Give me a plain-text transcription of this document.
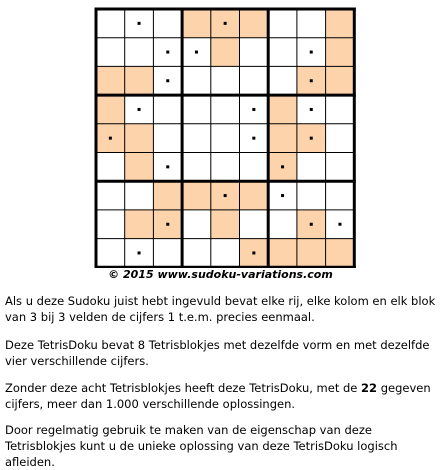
© 2015 www.sudoku-variations.com

Als u deze Sudoku juist hebt ingevuld bevat elke rij, elke kolom en elk blok van 3 bij 3 velden de cijfers 1 t.e.m. precies eenmaal.

Deze TetrisDoku bevat 8 Tetrisblokjes met dezelfde vorm en met dezelfde vier verschillende cijfers.

Zonder deze acht Tetrisblokjes heeft deze TetrisDoku, met de 22 gegeven cijfers, meer dan 1.000 verschillende oplossingen.

Door regelmatig gebruik te maken van de eigenschap van deze Tetrisblokjes kunt u de unieke oplossing van deze TetrisDoku logisch afleiden.
